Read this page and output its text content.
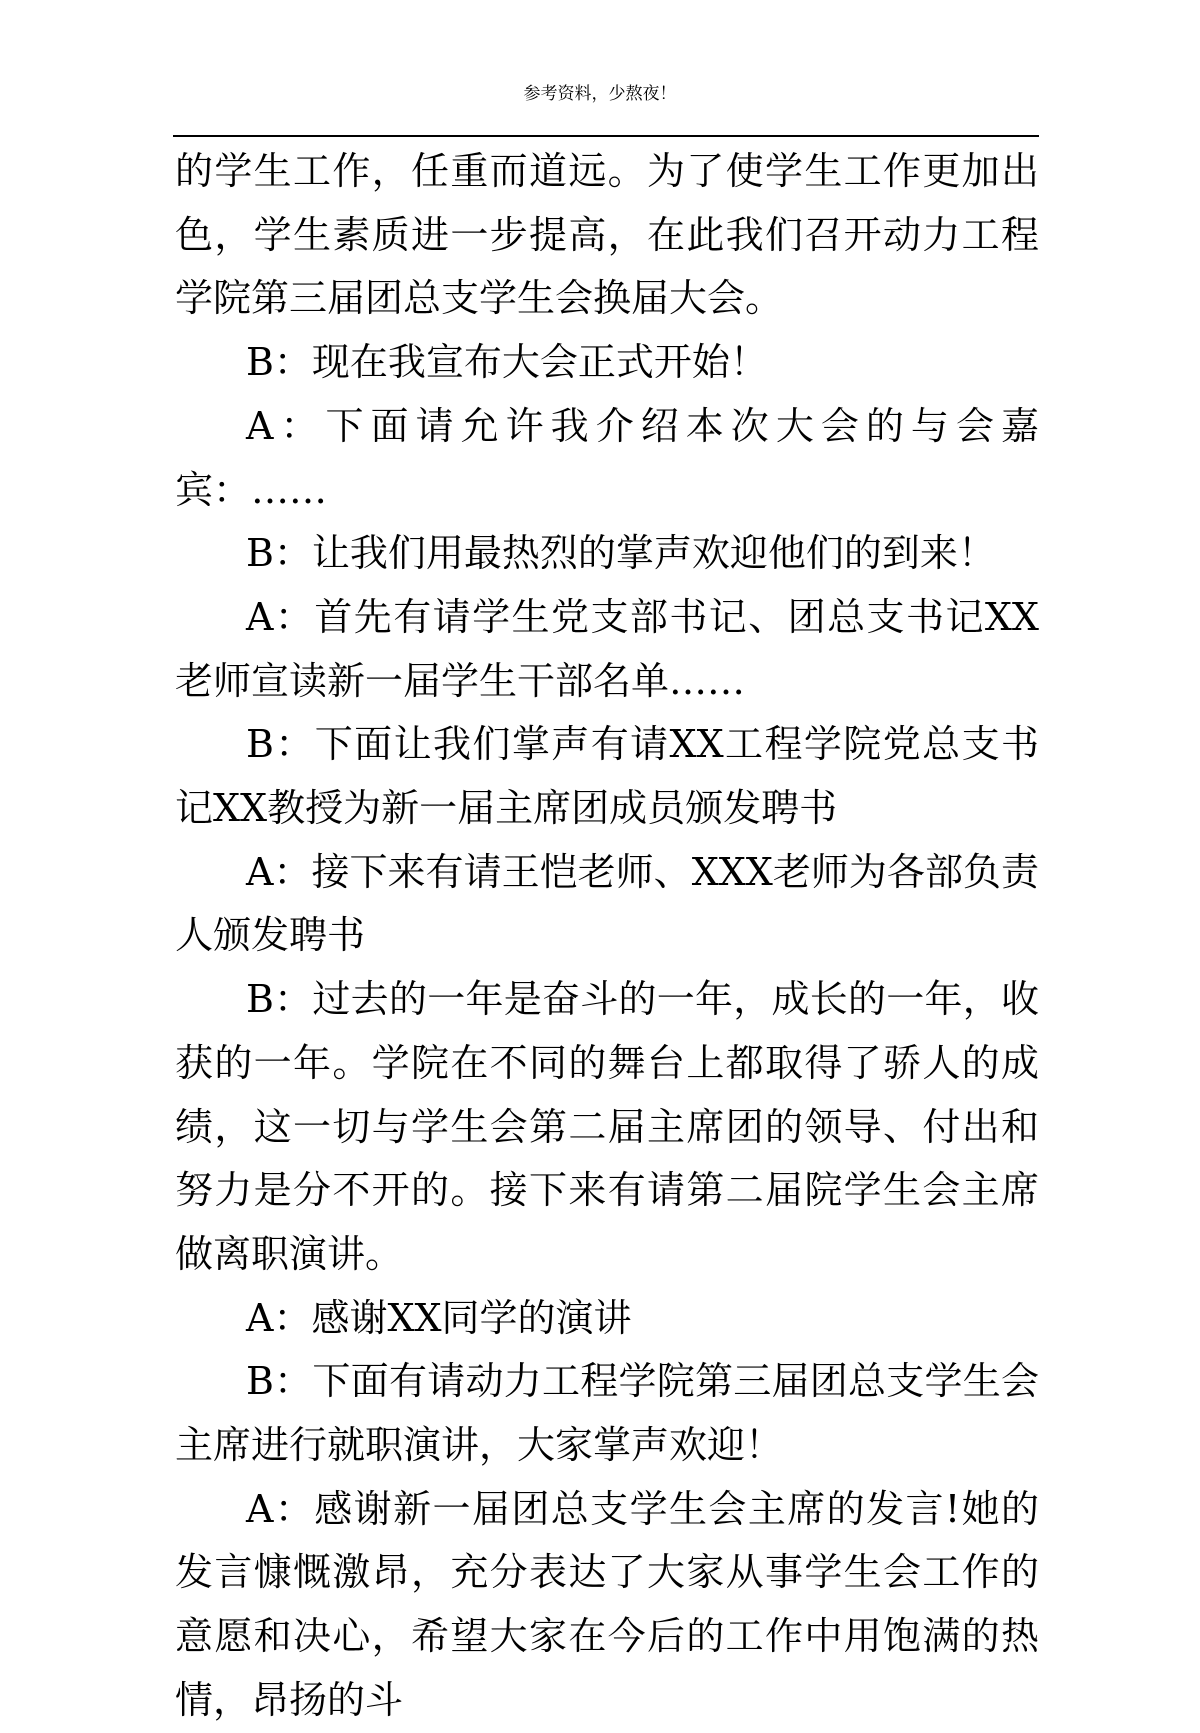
参考资料，少熬夜！

的学生工作，任重而道远。为了使学生工作更加出色，学生素质进一步提高，在此我们召开动力工程学院第三届团总支学生会换届大会。

B：现在我宣布大会正式开始！

A：下面请允许我介绍本次大会的与会嘉宾：……

B：让我们用最热烈的掌声欢迎他们的到来！

A：首先有请学生党支部书记、团总支书记XX老师宣读新一届学生干部名单……

B：下面让我们掌声有请XX工程学院党总支书记XX教授为新一届主席团成员颁发聘书

A：接下来有请王恺老师、XXX老师为各部负责人颁发聘书

B：过去的一年是奋斗的一年，成长的一年，收获的一年。学院在不同的舞台上都取得了骄人的成绩，这一切与学生会第二届主席团的领导、付出和努力是分不开的。接下来有请第二届院学生会主席做离职演讲。

A：感谢XX同学的演讲

B：下面有请动力工程学院第三届团总支学生会主席进行就职演讲，大家掌声欢迎！

A：感谢新一届团总支学生会主席的发言!她的发言慷慨激昂，充分表达了大家从事学生会工作的意愿和决心，希望大家在今后的工作中用饱满的热情，昂扬的斗
